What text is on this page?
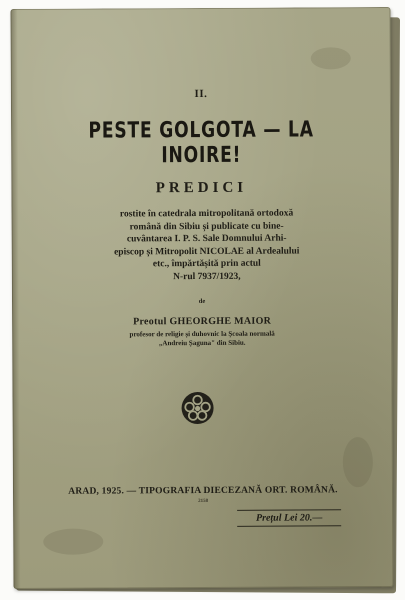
II.
PESTE GOLGOTA — LA INOIRE!
PREDICI
rostite în catedrala mitropolitană ortodoxă
română din Sibiu și publicate cu bine-
cuvântarea I. P. S. Sale Domnului Arhi-
episcop și Mitropolit NICOLAE al Ardealului
etc., împărtășită prin actul
N-rul 7937/1923,
de
Preotul GHEORGHE MAIOR
profesor de religie și duhovnic la Școala normală
„Andreiu Șaguna" din Sibiu.
ARAD, 1925. — TIPOGRAFIA DIECEZANĂ ORT. ROMÂNĂ.
2158
Prețul Lei 20.—
